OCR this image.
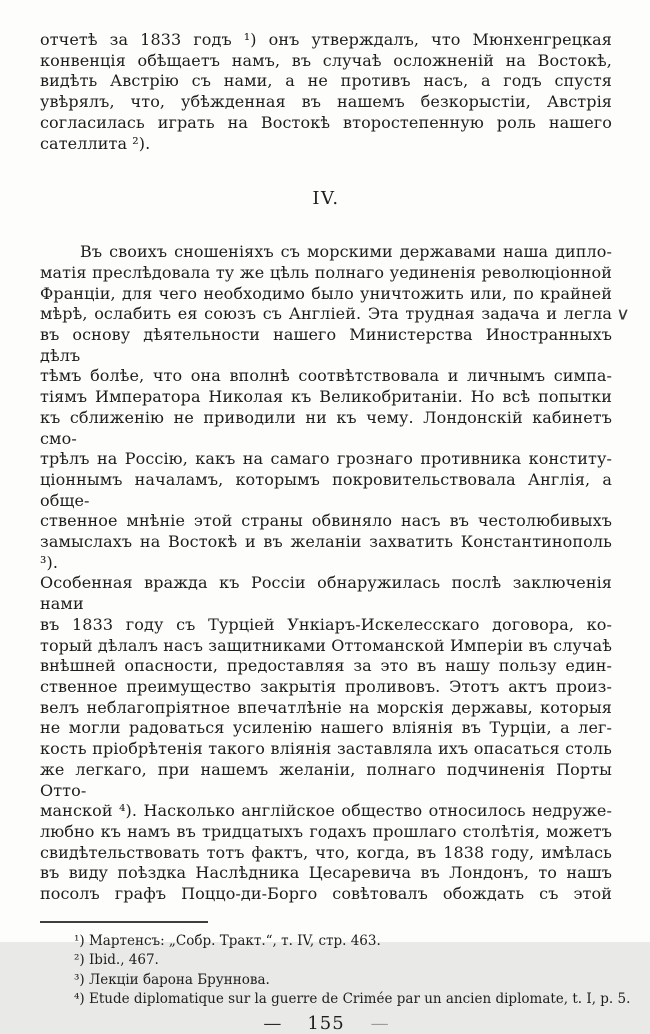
отчетѣ за 1833 годъ ¹) онъ утверждалъ, что Мюнхенгрецкая
конвенція обѣщаетъ намъ, въ случаѣ осложненій на Востокѣ,
видѣть Австрію съ нами, а не противъ насъ, а годъ спустя
увѣрялъ, что, убѣжденная въ нашемъ безкорыстіи, Австрія
согласилась играть на Востокѣ второстепенную роль нашего
сателлита ²).
IV.
Въ своихъ сношеніяхъ съ морскими державами наша дипло-
матія преслѣдовала ту же цѣль полнаго уединенія революціонной
Франціи, для чего необходимо было уничтожить или, по крайней
мѣрѣ, ослабить ея союзъ съ Англіей. Эта трудная задача и легла
въ основу дѣятельности нашего Министерства Иностранныхъ дѣлъ
тѣмъ болѣе, что она вполнѣ соотвѣтствовала и личнымъ симпа-
тіямъ Императора Николая къ Великобританіи. Но всѣ попытки
къ сближенію не приводили ни къ чему. Лондонскій кабинетъ смо-
трѣлъ на Россію, какъ на самаго грознаго противника конститу-
ціоннымъ началамъ, которымъ покровительствовала Англія, а обще-
ственное мнѣніе этой страны обвиняло насъ въ честолюбивыхъ
замыслахъ на Востокѣ и въ желаніи захватить Константинополь ³).
Особенная вражда къ Россіи обнаружилась послѣ заключенія нами
въ 1833 году съ Турціей Ункіаръ-Искелесскаго договора, ко-
торый дѣлалъ насъ защитниками Оттоманской Имперіи въ случаѣ
внѣшней опасности, предоставляя за это въ нашу пользу един-
ственное преимущество закрытія проливовъ. Этотъ актъ произ-
велъ неблагопріятное впечатлѣніе на морскія державы, которыя
не могли радоваться усиленію нашего вліянія въ Турціи, а лег-
кость пріобрѣтенія такого вліянія заставляла ихъ опасаться столь
же легкаго, при нашемъ желаніи, полнаго подчиненія Порты Отто-
манской ⁴). Насколько англійское общество относилось недруже-
любно къ намъ въ тридцатыхъ годахъ прошлаго столѣтія, можетъ
свидѣтельствовать тотъ фактъ, что, когда, въ 1838 году, имѣлась
въ виду поѣздка Наслѣдника Цесаревича въ Лондонъ, то нашъ
посолъ графъ Поццо-ди-Борго совѣтовалъ обождать съ этой
¹) Мартенсъ: „Собр. Тракт.“, т. IV, стр. 463.
²) Ibid., 467.
³) Лекціи барона Бруннова.
⁴) Etude diplomatique sur la guerre de Crimée par un ancien diplomate, t. I, p. 5.
— 155 —
∨
